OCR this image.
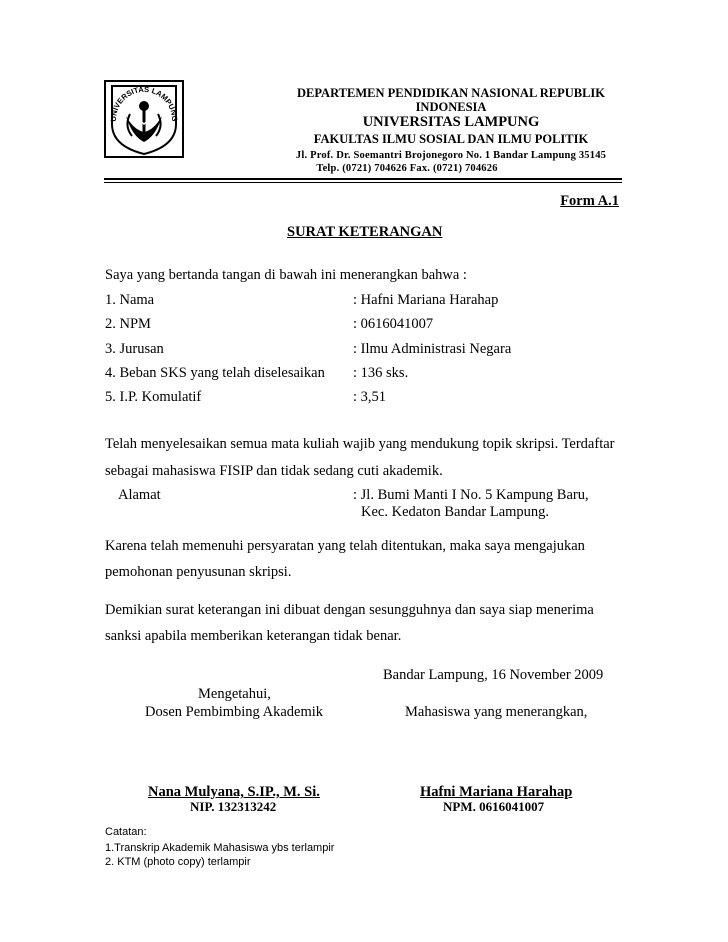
UNIVERSITAS LAMPUNG
DEPARTEMEN PENDIDIKAN NASIONAL REPUBLIK
INDONESIA
UNIVERSITAS LAMPUNG
FAKULTAS ILMU SOSIAL DAN ILMU POLITIK
Jl. Prof. Dr. Soemantri Brojonegoro No. 1 Bandar Lampung 35145
Telp. (0721) 704626 Fax. (0721) 704626
Form A.1
SURAT KETERANGAN
Saya yang bertanda tangan di bawah ini menerangkan bahwa :
1. Nama	: Hafni Mariana Harahap
2. NPM	: 0616041007
3. Jurusan	: Ilmu Administrasi Negara
4. Beban SKS yang telah diselesaikan : 136 sks.
5. I.P. Komulatif	: 3,51
Telah menyelesaikan semua mata kuliah wajib yang mendukung topik skripsi. Terdaftar
sebagai mahasiswa FISIP dan tidak sedang cuti akademik.
Alamat	: Jl. Bumi Manti I No. 5 Kampung Baru,
Kec. Kedaton Bandar Lampung.
Karena telah memenuhi persyaratan yang telah ditentukan, maka saya mengajukan
pemohonan penyusunan skripsi.
Demikian surat keterangan ini dibuat dengan sesungguhnya dan saya siap menerima
sanksi apabila memberikan keterangan tidak benar.
Bandar Lampung, 16 November 2009
Mengetahui,
Dosen Pembimbing Akademik	Mahasiswa yang menerangkan,
Nana Mulyana, S.IP., M. Si.
NIP. 132313242
Hafni Mariana Harahap
NPM. 0616041007
Catatan:
1.Transkrip Akademik Mahasiswa ybs terlampir
2. KTM (photo copy) terlampir
